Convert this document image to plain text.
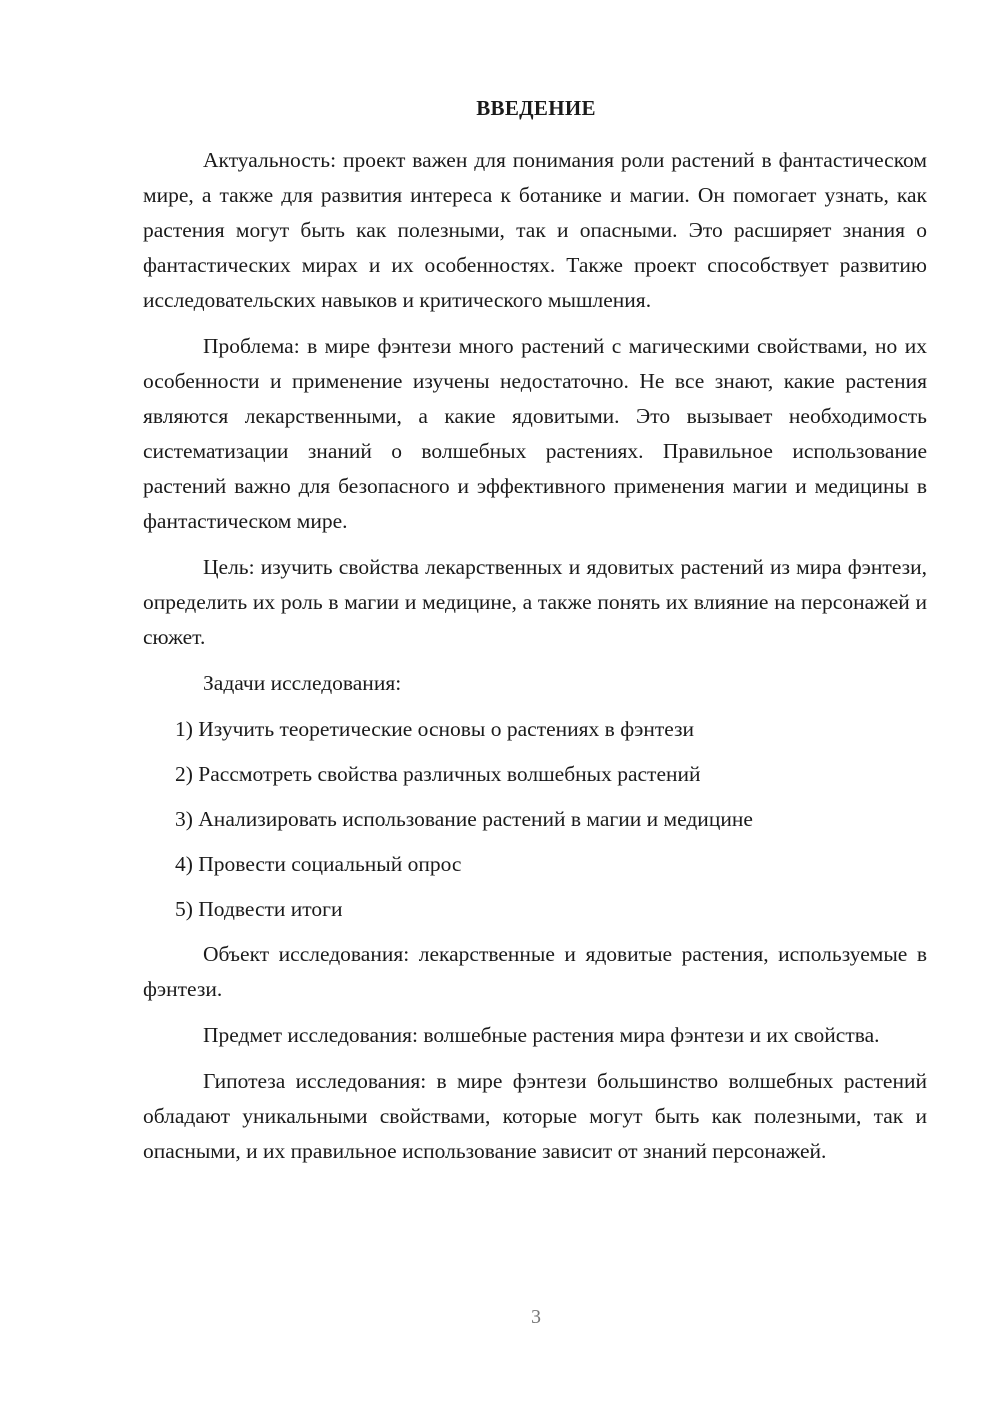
ВВЕДЕНИЕ

Актуальность: проект важен для понимания роли растений в фантастическом мире, а также для развития интереса к ботанике и магии. Он помогает узнать, как растения могут быть как полезными, так и опасными. Это расширяет знания о фантастических мирах и их особенностях. Также проект способствует развитию исследовательских навыков и критического мышления.

Проблема: в мире фэнтези много растений с магическими свойствами, но их особенности и применение изучены недостаточно. Не все знают, какие растения являются лекарственными, а какие ядовитыми. Это вызывает необходимость систематизации знаний о волшебных растениях. Правильное использование растений важно для безопасного и эффективного применения магии и медицины в фантастическом мире.

Цель: изучить свойства лекарственных и ядовитых растений из мира фэнтези, определить их роль в магии и медицине, а также понять их влияние на персонажей и сюжет.

Задачи исследования:

1) Изучить теоретические основы о растениях в фэнтези
2) Рассмотреть свойства различных волшебных растений
3) Анализировать использование растений в магии и медицине
4) Провести социальный опрос
5) Подвести итоги

Объект исследования: лекарственные и ядовитые растения, используемые в фэнтези.

Предмет исследования: волшебные растения мира фэнтези и их свойства.

Гипотеза исследования: в мире фэнтези большинство волшебных растений обладают уникальными свойствами, которые могут быть как полезными, так и опасными, и их правильное использование зависит от знаний персонажей.

3
